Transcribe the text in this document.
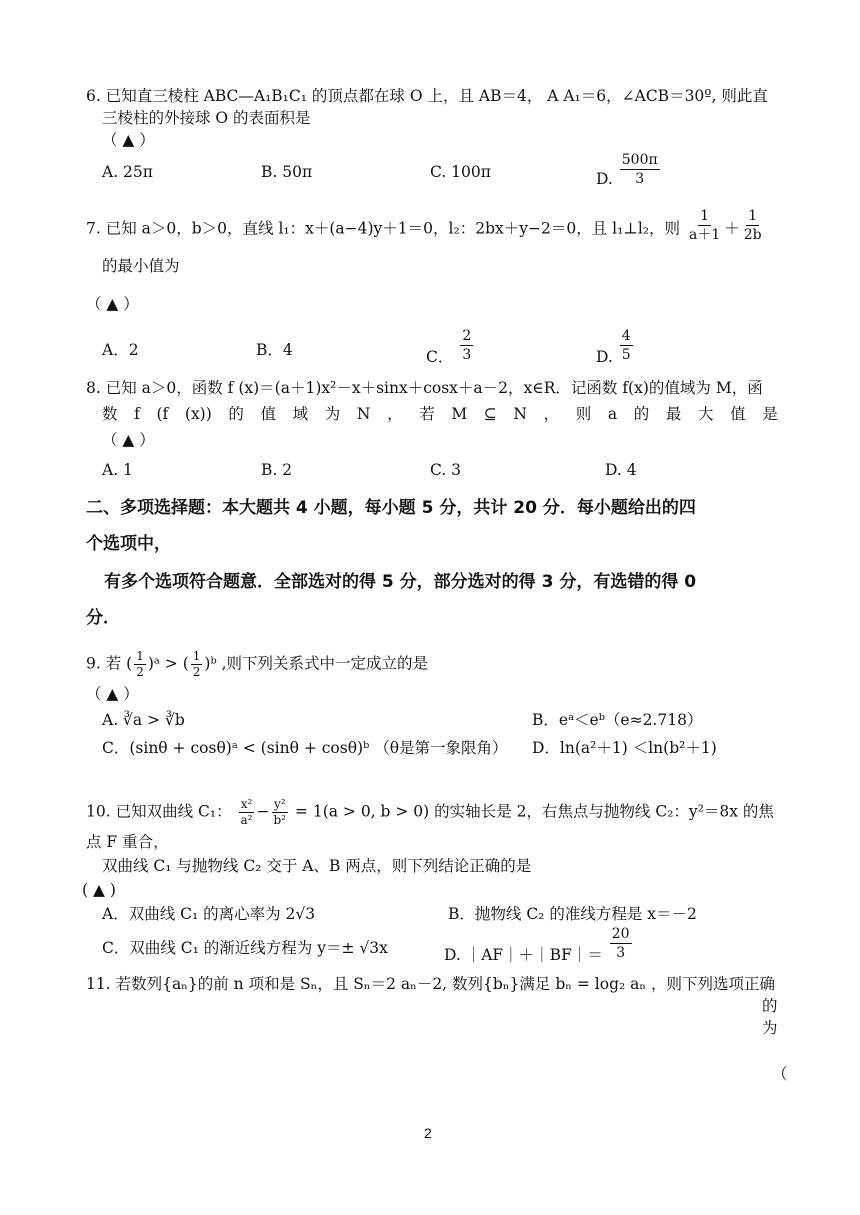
6. 已知直三棱柱 ABC—A₁B₁C₁ 的顶点都在球 O 上，且 AB＝4， A A₁＝6，∠ACB＝30º, 则此直
三棱柱的外接球 O 的表面积是
（ ▲ ）
A. 25π	B. 50π	C. 100π	D. $\frac{500\pi}{3}$
7. 已知 a＞0，b＞0，直线 l₁：x＋(a−4)y＋1＝0，l₂：2bx＋y−2＝0，且 l₁⊥l₂，则 $\frac{1}{a+1} + \frac{1}{2b}$
的最小值为
（ ▲ ）
A．2	B．4	C． $\frac{2}{3}$	D. $\frac{4}{5}$
8. 已知 a＞0，函数 f (x)＝(a＋1)x²－x＋sinx＋cosx＋a－2，x∈R．记函数 f(x)的值域为 M，函
数 f (f (x)) 的 值 域 为 N ， 若 M ⊆ N ， 则 a 的 最 大 值 是
（ ▲ ）
A. 1	B. 2	C. 3	D. 4
二、多项选择题：本大题共 4 小题，每小题 5 分，共计 20 分．每小题给出的四
个选项中，
有多个选项符合题意．全部选对的得 5 分，部分选对的得 3 分，有选错的得 0
分．
9. 若 ( $\frac{1}{2}$ )ᵃ > ( $\frac{1}{2}$ )ᵇ ,则下列关系式中一定成立的是
（ ▲ ）
A. ∛a > ∛b	B．eᵃ＜eᵇ（e≈2.718）
C．(sinθ + cosθ)ᵃ < (sinθ + cosθ)ᵇ （θ是第一象限角） D．ln(a²＋1) ＜ln(b²＋1)
10. 已知双曲线 C₁： $\frac{\text{x²}}{\text{a²}} - \frac{\text{y²}}{\text{b²}} = 1(a > 0$, b > 0) 的实轴长是 2，右焦点与抛物线 C₂：y²＝8x 的焦
点 F 重合，
双曲线 C₁ 与抛物线 C₂ 交于 A、B 两点，则下列结论正确的是
( ▲ )
A．双曲线 C₁ 的离心率为 2√3	B．抛物线 C₂ 的准线方程是 x＝－2
C．双曲线 C₁ 的渐近线方程为 y＝± √3x	D. ｜AF｜＋｜BF｜＝ $\frac{20}{3}$
11. 若数列{aₙ}的前 n 项和是 Sₙ，且 Sₙ＝2 aₙ－2, 数列{bₙ}满足 bₙ = log₂ aₙ ，则下列选项正确
的
为
（
2
